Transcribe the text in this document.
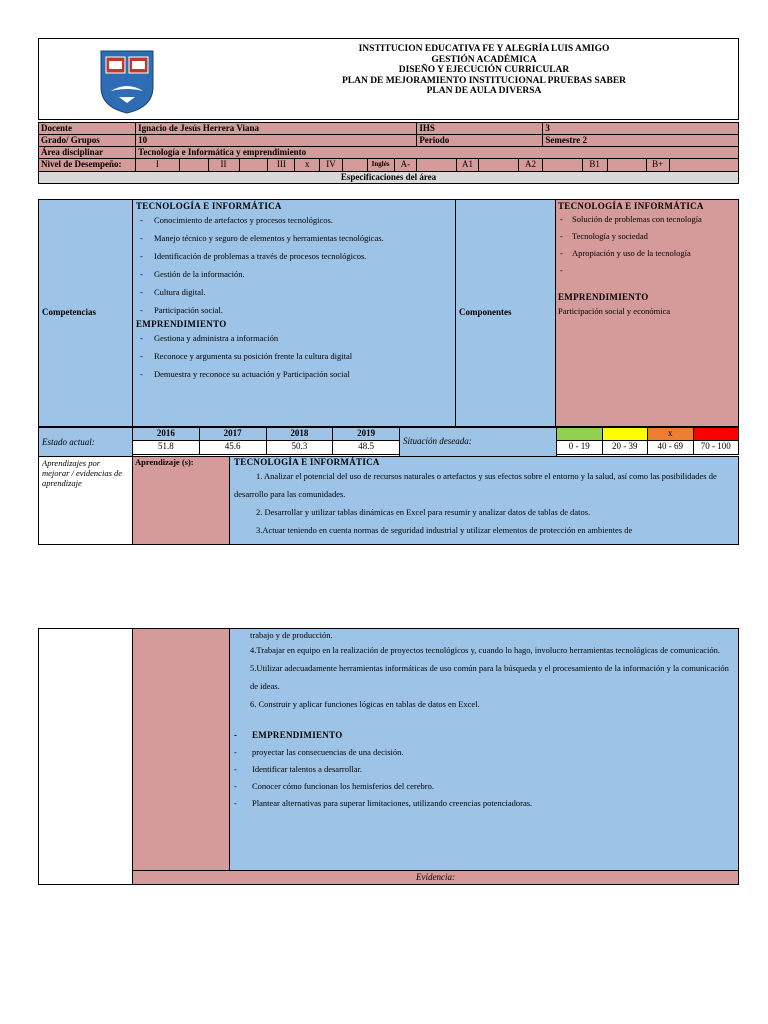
INSTITUCION EDUCATIVA FE Y ALEGRÍA LUIS AMIGO
GESTIÓN ACADÉMICA
DISEÑO Y EJECUCIÓN CURRICULAR
PLAN DE MEJORAMIENTO INSTITUCIONAL PRUEBAS SABER
PLAN DE AULA DIVERSA
Docente	Ignacio de Jesús Herrera Viana										IHS				3				
Grado/ Grupos	10										Periodo				Semestre 2				
Área disciplinar	Tecnología e Informática y emprendimiento																		
Nivel de Desempeño:	I		II		III	x	IV		Inglés	A-		A1		A2		B1		B+	
Especificaciones del área																			
Competencias
TECNOLOGÍA E INFORMÁTICA
- Conocimiento de artefactos y procesos tecnológicos.
- Manejo técnico y seguro de elementos y herramientas tecnológicas.
- Identificación de problemas a través de procesos tecnológicos.
- Gestión de la información.
- Cultura digital.
- Participación social.
EMPRENDIMIENTO
- Gestiona y administra a información
- Reconoce y argumenta su posición frente la cultura digital
- Demuestra y reconoce su actuación y Participación social
Componentes
TECNOLOGÍA E INFORMÁTICA
- Solución de problemas con tecnología
- Tecnología y sociedad
- Apropiación y uso de la tecnología
EMPRENDIMIENTO
Participación social y económica
Estado actual:
2016	2017	2018	2019
51.8	45.6	50.3	48.5	Situación deseada:
		x	
0 - 19	20 - 39	40 - 69	70 - 100
Aprendizajes por mejorar / evidencias de aprendizaje
Aprendizaje (s):	TECNOLOGÍA E INFORMÁTICA
1. Analizar el potencial del uso de recursos naturales o artefactos y sus efectos sobre el entorno y la salud, así como las posibilidades de desarrollo para las comunidades.
2. Desarrollar y utilizar tablas dinámicas en Excel para resumir y analizar datos de tablas de datos.
3.Actuar teniendo en cuenta normas de seguridad industrial y utilizar elementos de protección en ambientes de
trabajo y de producción.
4.Trabajar en equipo en la realización de proyectos tecnológicos y, cuando lo hago, involucro herramientas tecnológicas de comunicación.
5.Utilizar adecuadamente herramientas informáticas de uso común para la búsqueda y el procesamiento de la información y la comunicación de ideas.
6. Construir y aplicar funciones lógicas en tablas de datos en Excel.
- EMPRENDIMIENTO
- proyectar las consecuencias de una decisión.
- Identificar talentos a desarrollar.
- Conocer cómo funcionan los hemisferios del cerebro.
- Plantear alternativas para superar limitaciones, utilizando creencias potenciadoras.
Evidencia:
